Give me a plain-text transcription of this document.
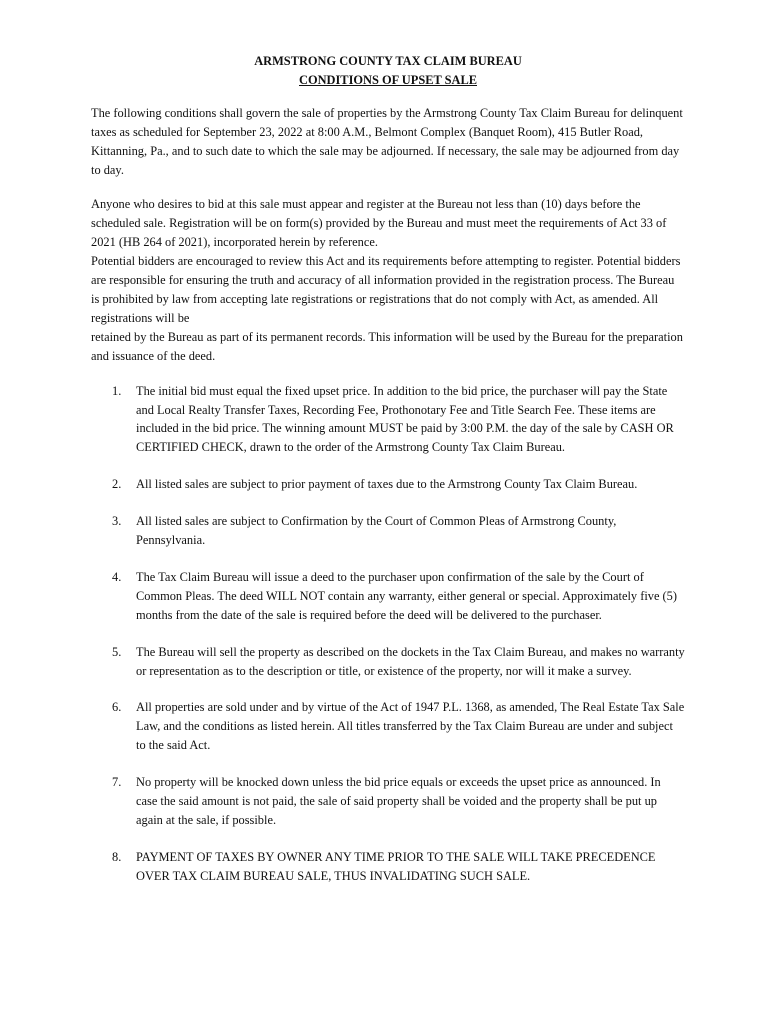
ARMSTRONG COUNTY TAX CLAIM BUREAU

CONDITIONS OF UPSET SALE

The following conditions shall govern the sale of properties by the Armstrong County Tax Claim Bureau for delinquent taxes as scheduled for September 23, 2022 at 8:00 A.M., Belmont Complex (Banquet Room), 415 Butler Road, Kittanning, Pa., and to such date to which the sale may be adjourned. If necessary, the sale may be adjourned from day to day.

Anyone who desires to bid at this sale must appear and register at the Bureau not less than (10) days before the scheduled sale. Registration will be on form(s) provided by the Bureau and must meet the requirements of Act 33 of 2021 (HB 264 of 2021), incorporated herein by reference.

Potential bidders are encouraged to review this Act and its requirements before attempting to register. Potential bidders are responsible for ensuring the truth and accuracy of all information provided in the registration process. The Bureau is prohibited by law from accepting late registrations or registrations that do not comply with Act, as amended. All registrations will be

retained by the Bureau as part of its permanent records. This information will be used by the Bureau for the preparation and issuance of the deed.

1. The initial bid must equal the fixed upset price. In addition to the bid price, the purchaser will pay the State and Local Realty Transfer Taxes, Recording Fee, Prothonotary Fee and Title Search Fee. These items are included in the bid price. The winning amount MUST be paid by 3:00 P.M. the day of the sale by CASH OR CERTIFIED CHECK, drawn to the order of the Armstrong County Tax Claim Bureau.
2. All listed sales are subject to prior payment of taxes due to the Armstrong County Tax Claim Bureau.
3. All listed sales are subject to Confirmation by the Court of Common Pleas of Armstrong County, Pennsylvania.
4. The Tax Claim Bureau will issue a deed to the purchaser upon confirmation of the sale by the Court of Common Pleas. The deed WILL NOT contain any warranty, either general or special. Approximately five (5) months from the date of the sale is required before the deed will be delivered to the purchaser.
5. The Bureau will sell the property as described on the dockets in the Tax Claim Bureau, and makes no warranty or representation as to the description or title, or existence of the property, nor will it make a survey.
6. All properties are sold under and by virtue of the Act of 1947 P.L. 1368, as amended, The Real Estate Tax Sale Law, and the conditions as listed herein. All titles transferred by the Tax Claim Bureau are under and subject to the said Act.
7. No property will be knocked down unless the bid price equals or exceeds the upset price as announced. In case the said amount is not paid, the sale of said property shall be voided and the property shall be put up again at the sale, if possible.
8. PAYMENT OF TAXES BY OWNER ANY TIME PRIOR TO THE SALE WILL TAKE PRECEDENCE OVER TAX CLAIM BUREAU SALE, THUS INVALIDATING SUCH SALE.
